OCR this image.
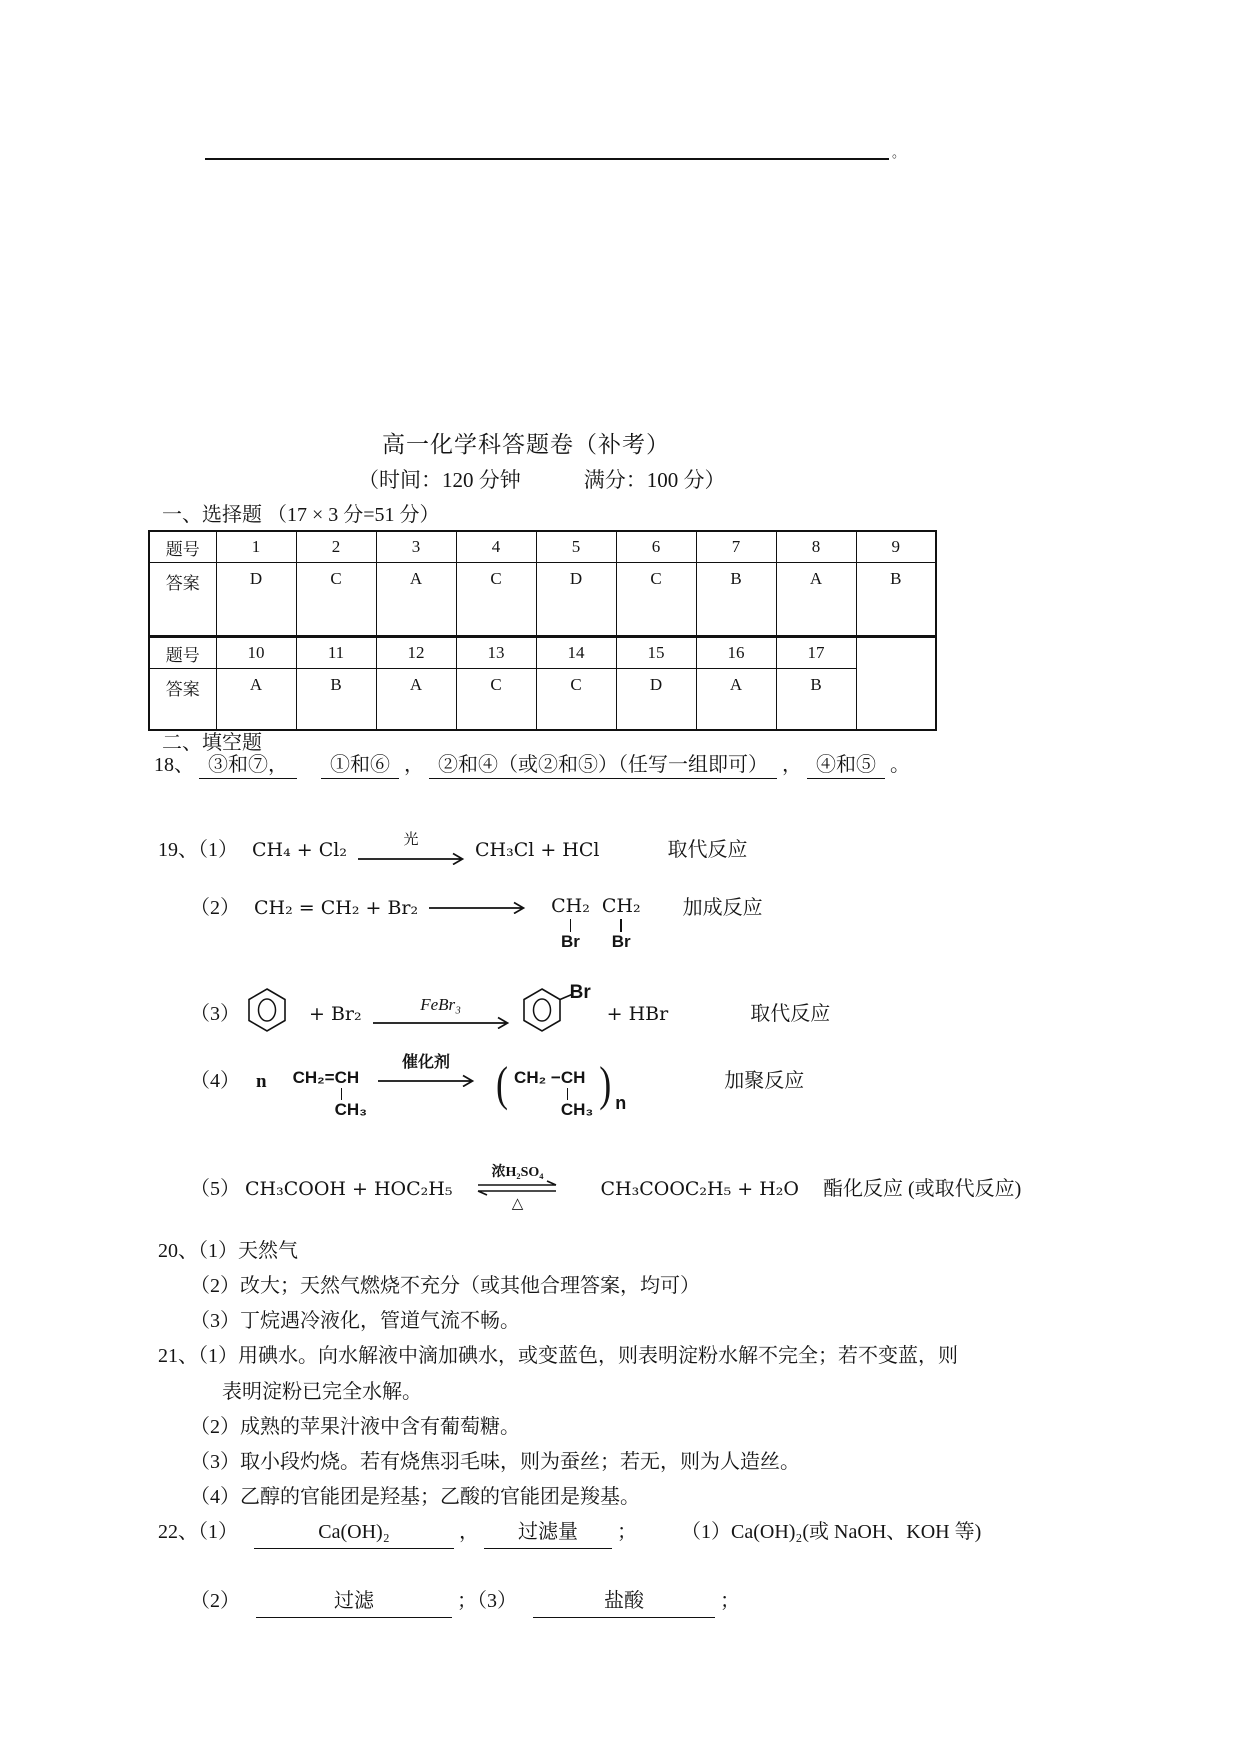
。
高一化学科答题卷（补考）
（时间：120 分钟　　　满分：100 分）
一、选择题 （17 × 3 分=51 分）
题号	1	2	3	4	5	6	7	8	9
答案	D	C	A	C	D	C	B	A	B
题号	10	11	12	13	14	15	16	17	
答案	A	B	A	C	C	D	A	B	
二、填空题
18、 ③和⑦， ①和⑥ ， ②和④（或②和⑤）（任写一组即可） ， ④和⑤ 。
19、（1） CH₄ + Cl₂	光	CH₃Cl + HCl	取代反应
（2） CH₂ = CH₂ + Br₂	CH₂
Br

CH₂
Br
加成反应
（3）	+ Br₂	FeBr₃

Br
+ HBr	取代反应
（4） n CH₂= CH
CH₃

催化剂 ( CH₂ − CH
CH₃ ) n  加聚反应
（5） CH₃COOH + HOC₂H₅
浓H₂SO₄
△
CH₃COOC₂H₅ + H₂O 酯化反应 (或取代反应)
20、（1）天然气
（2）改大；天然气燃烧不充分（或其他合理答案，均可）
（3）丁烷遇冷液化，管道气流不畅。
21、（1）用碘水。向水解液中滴加碘水，或变蓝色，则表明淀粉水解不完全；若不变蓝，则
表明淀粉已完全水解。
（2）成熟的苹果汁液中含有葡萄糖。
（3）取小段灼烧。若有烧焦羽毛味，则为蚕丝；若无，则为人造丝。
（4）乙醇的官能团是羟基；乙酸的官能团是羧基。
22、（1）	Ca(OH)₂	， 过滤量 ； （1）Ca(OH)₂(或 NaOH、KOH 等)
（2）	过滤	；（3）	盐酸	；
